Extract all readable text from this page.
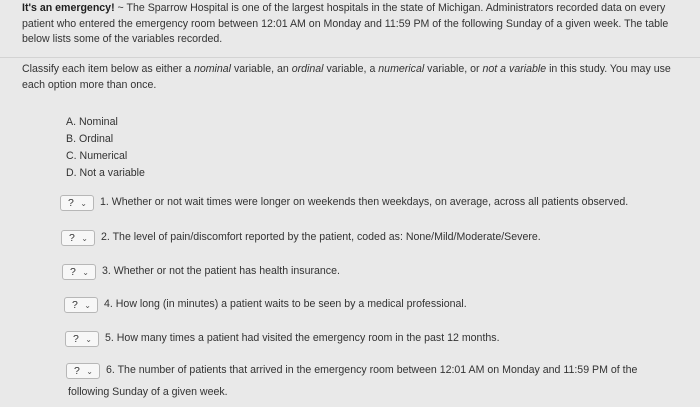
It's an emergency! ~ The Sparrow Hospital is one of the largest hospitals in the state of Michigan. Administrators recorded data on every patient who entered the emergency room between 12:01 AM on Monday and 11:59 PM of the following Sunday of a given week. The table below lists some of the variables recorded.
Classify each item below as either a nominal variable, an ordinal variable, a numerical variable, or not a variable in this study. You may use each option more than once.
A. Nominal
B. Ordinal
C. Numerical
D. Not a variable
? ⌄ 1. Whether or not wait times were longer on weekends then weekdays, on average, across all patients observed.
? ⌄ 2. The level of pain/discomfort reported by the patient, coded as: None/Mild/Moderate/Severe.
? ⌄ 3. Whether or not the patient has health insurance.
? ⌄ 4. How long (in minutes) a patient waits to be seen by a medical professional.
? ⌄ 5. How many times a patient had visited the emergency room in the past 12 months.
? ⌄ 6. The number of patients that arrived in the emergency room between 12:01 AM on Monday and 11:59 PM of the
following Sunday of a given week.
